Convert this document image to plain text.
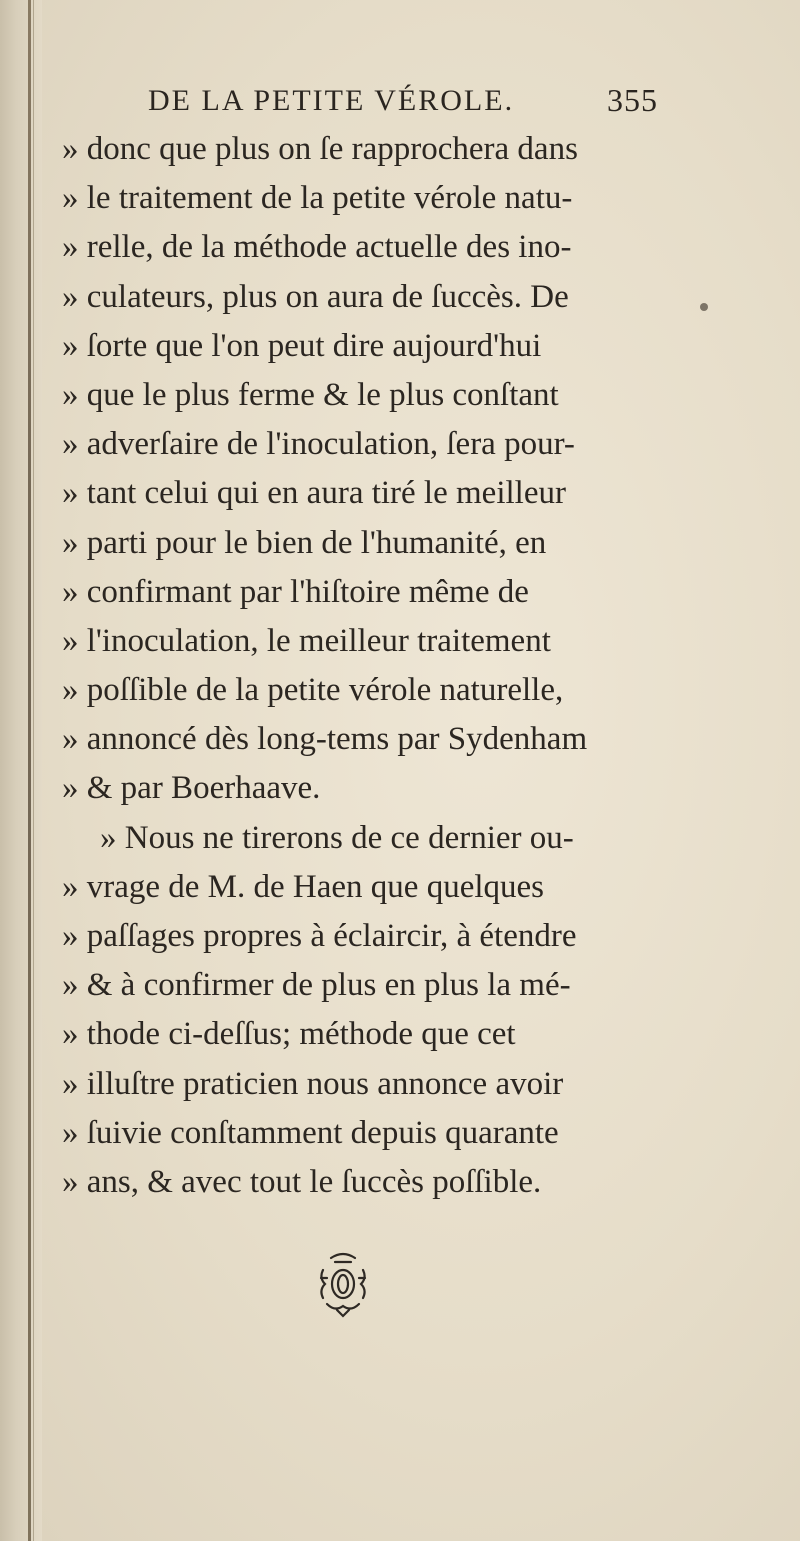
DE LA PETITE VÉROLE.	355
» donc que plus on ſe rapprochera dans
» le traitement de la petite vérole natu-
» relle, de la méthode actuelle des ino-
» culateurs, plus on aura de ſuccès. De
» ſorte que l'on peut dire aujourd'hui
» que le plus ferme & le plus conſtant
» adverſaire de l'inoculation, ſera pour-
» tant celui qui en aura tiré le meilleur
» parti pour le bien de l'humanité, en
» confirmant par l'hiſtoire même de
» l'inoculation, le meilleur traitement
» poſſible de la petite vérole naturelle,
» annoncé dès long-tems par Sydenham
» & par Boerhaave.
» Nous ne tirerons de ce dernier ou-
» vrage de M. de Haen que quelques
» paſſages propres à éclaircir, à étendre
» & à confirmer de plus en plus la mé-
» thode ci-deſſus; méthode que cet
» illuſtre praticien nous annonce avoir
» ſuivie conſtamment depuis quarante
» ans, & avec tout le ſuccès poſſible.
